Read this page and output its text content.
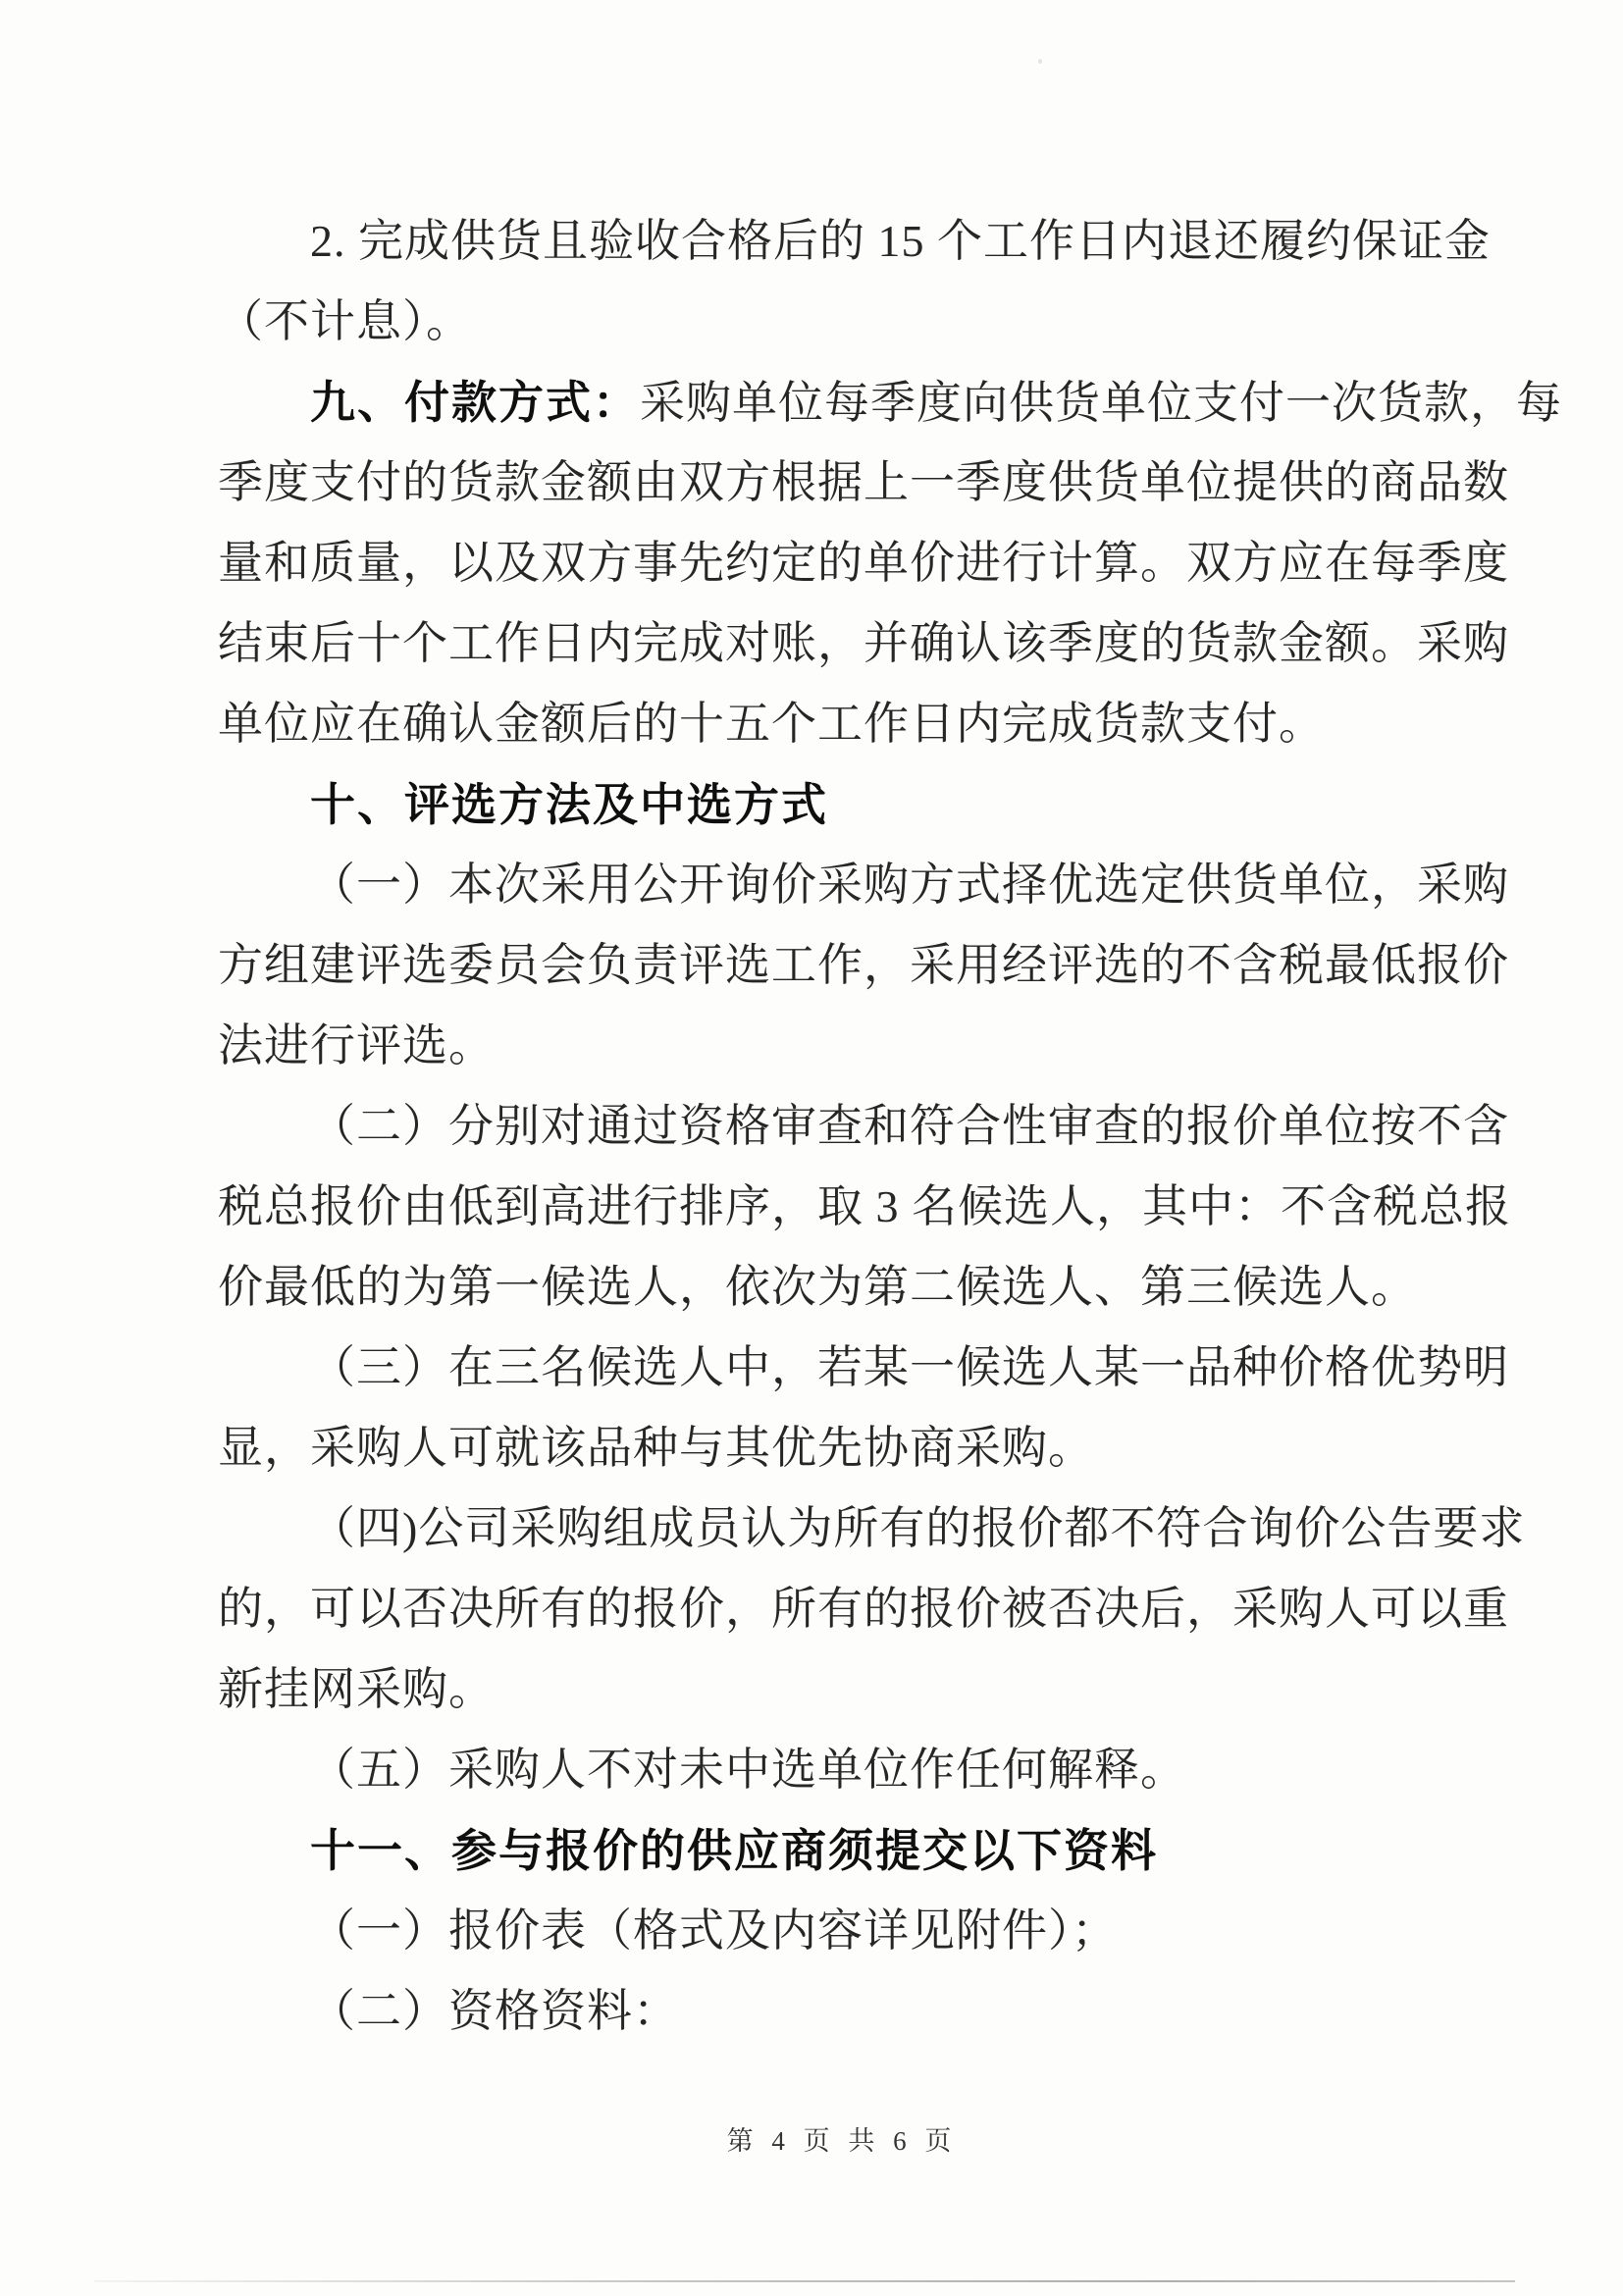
2. 完成供货且验收合格后的 15 个工作日内退还履约保证金
（不计息）。
九、付款方式：采购单位每季度向供货单位支付一次货款，每
季度支付的货款金额由双方根据上一季度供货单位提供的商品数
量和质量，以及双方事先约定的单价进行计算。双方应在每季度
结束后十个工作日内完成对账，并确认该季度的货款金额。采购
单位应在确认金额后的十五个工作日内完成货款支付。
十、评选方法及中选方式
（一）本次采用公开询价采购方式择优选定供货单位，采购
方组建评选委员会负责评选工作，采用经评选的不含税最低报价
法进行评选。
（二）分别对通过资格审查和符合性审查的报价单位按不含
税总报价由低到高进行排序，取 3 名候选人，其中：不含税总报
价最低的为第一候选人，依次为第二候选人、第三候选人。
（三）在三名候选人中，若某一候选人某一品种价格优势明
显，采购人可就该品种与其优先协商采购。
（四)公司采购组成员认为所有的报价都不符合询价公告要求
的，可以否决所有的报价，所有的报价被否决后，采购人可以重
新挂网采购。
（五）采购人不对未中选单位作任何解释。
十一、参与报价的供应商须提交以下资料
（一）报价表（格式及内容详见附件）；
（二）资格资料：
第 4 页 共 6 页
